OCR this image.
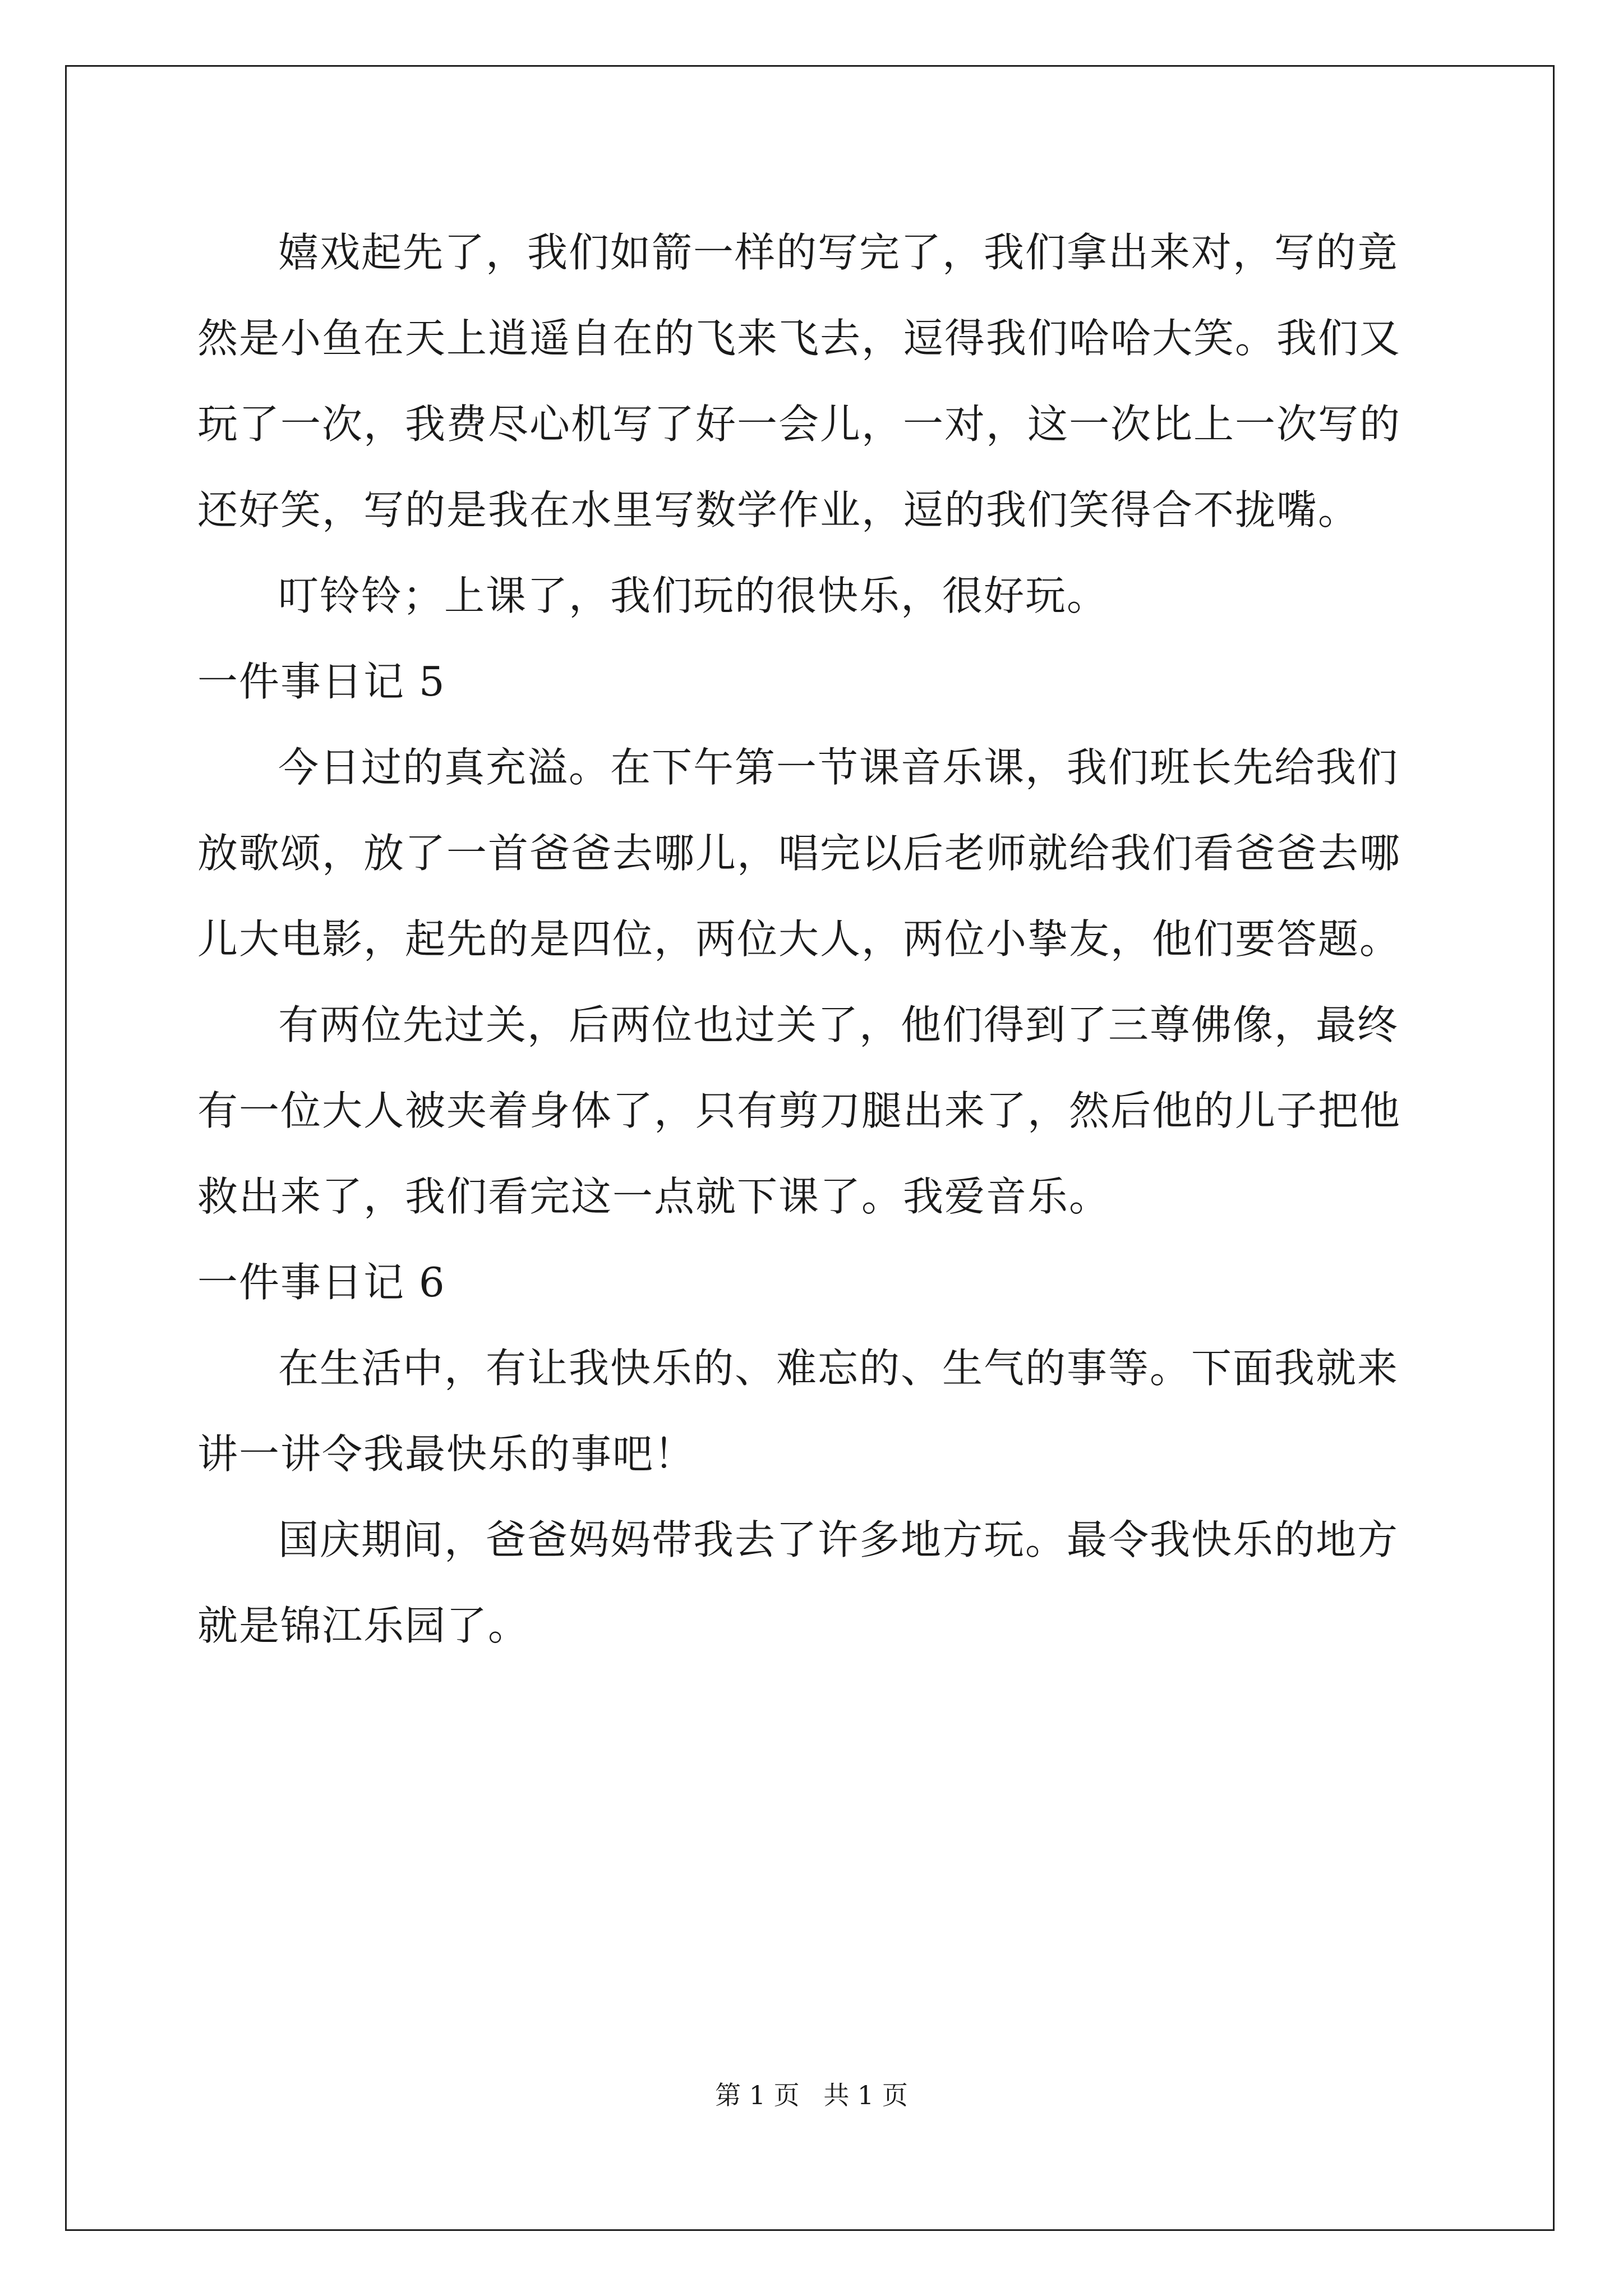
嬉戏起先了，我们如箭一样的写完了，我们拿出来对，写的竟然是小鱼在天上逍遥自在的飞来飞去，逗得我们哈哈大笑。我们又玩了一次，我费尽心机写了好一会儿，一对，这一次比上一次写的还好笑，写的是我在水里写数学作业，逗的我们笑得合不拢嘴。

叮铃铃；上课了，我们玩的很快乐，很好玩。

一件事日记 5

今日过的真充溢。在下午第一节课音乐课，我们班长先给我们放歌颂，放了一首爸爸去哪儿，唱完以后老师就给我们看爸爸去哪儿大电影，起先的是四位，两位大人，两位小挚友，他们要答题。

有两位先过关，后两位也过关了，他们得到了三尊佛像，最终有一位大人被夹着身体了，只有剪刀腿出来了，然后他的儿子把他救出来了，我们看完这一点就下课了。我爱音乐。

一件事日记 6

在生活中，有让我快乐的、难忘的、生气的事等。下面我就来讲一讲令我最快乐的事吧！

国庆期间，爸爸妈妈带我去了许多地方玩。最令我快乐的地方就是锦江乐园了。

第 1 页 共 1 页
